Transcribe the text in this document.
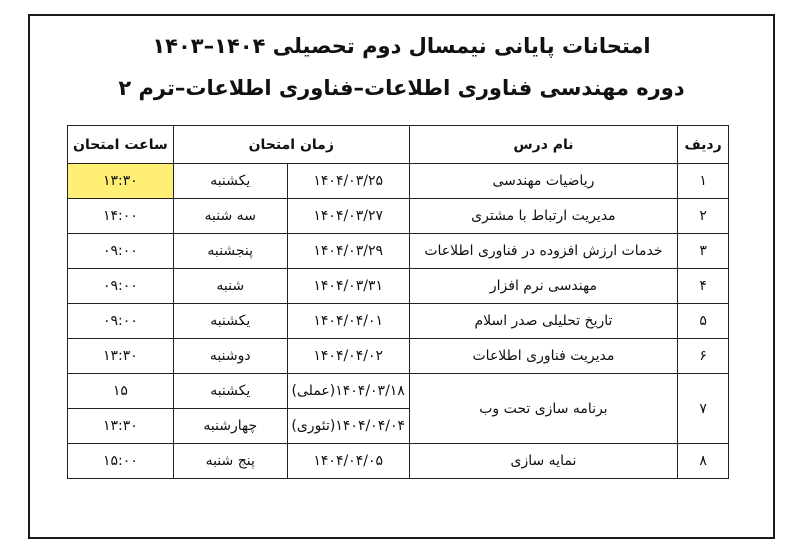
امتحانات پایانی نیمسال دوم تحصیلی ۱۴۰۴–۱۴۰۳
دوره مهندسی فناوری اطلاعات–فناوری اطلاعات–ترم ۲
ردیف	نام درس	زمان امتحان		ساعت امتحان
۱	ریاضیات مهندسی	۱۴۰۴/۰۳/۲۵	یکشنبه	۱۳:۳۰
۲	مدیریت ارتباط با مشتری	۱۴۰۴/۰۳/۲۷	سه شنبه	۱۴:۰۰
۳	خدمات ارزش افزوده در فناوری اطلاعات	۱۴۰۴/۰۳/۲۹	پنجشنبه	۰۹:۰۰
۴	مهندسی نرم افزار	۱۴۰۴/۰۳/۳۱	شنبه	۰۹:۰۰
۵	تاریخ تحلیلی صدر اسلام	۱۴۰۴/۰۴/۰۱	یکشنبه	۰۹:۰۰
۶	مدیریت فناوری اطلاعات	۱۴۰۴/۰۴/۰۲	دوشنبه	۱۳:۳۰
۷	برنامه سازی تحت وب	۱۴۰۴/۰۳/۱۸(عملی)	یکشنبه	۱۵
		۱۴۰۴/۰۴/۰۴(تئوری)	چهارشنبه	۱۳:۳۰
۸	نمایه سازی	۱۴۰۴/۰۴/۰۵	پنج شنبه	۱۵:۰۰
